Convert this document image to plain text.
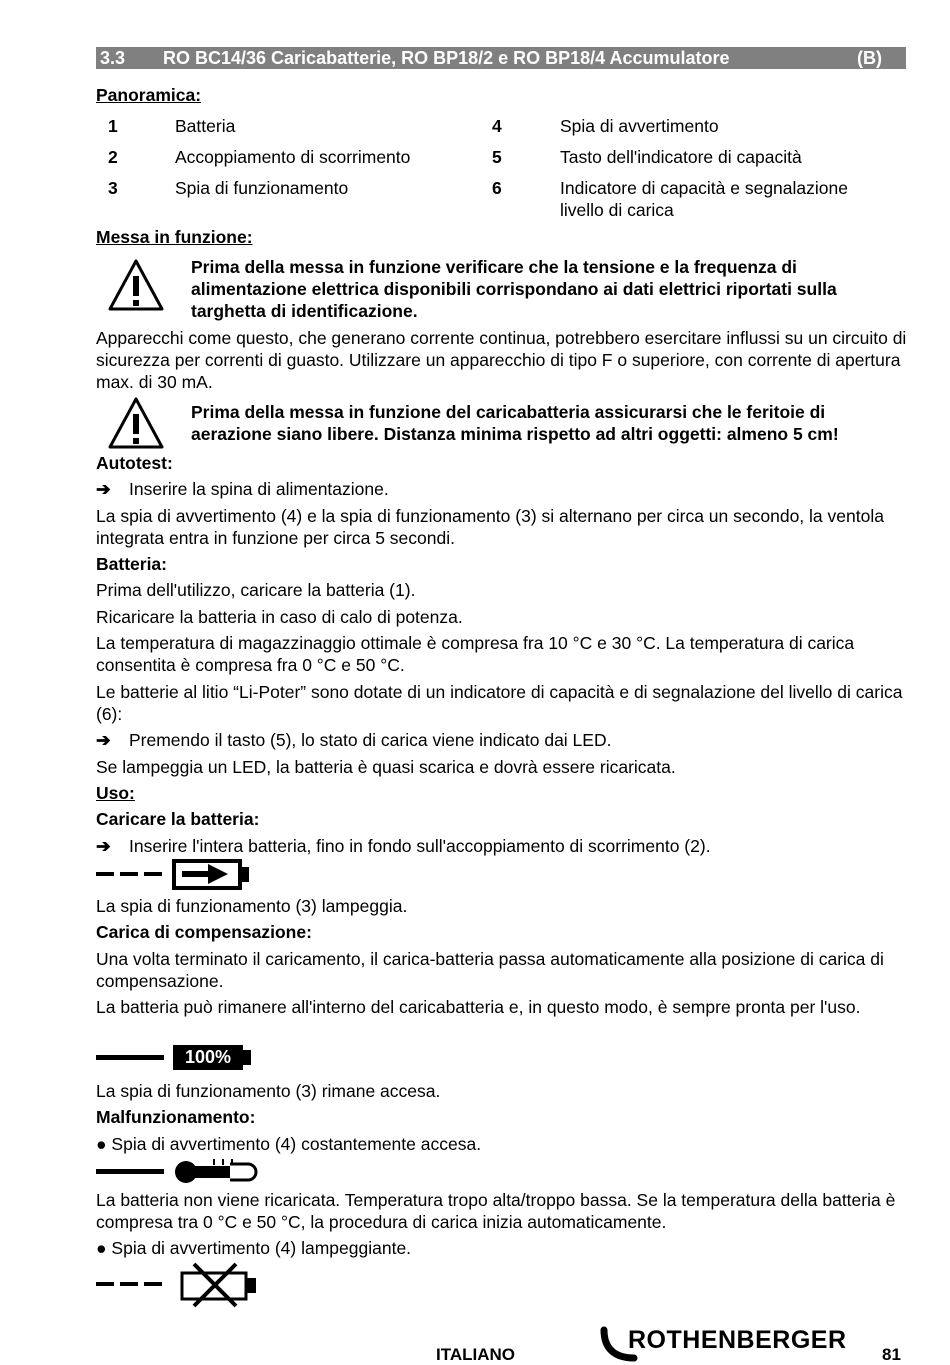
3.3 RO BC14/36 Caricabatterie, RO BP18/2 e RO BP18/4 Accumulatore	(B)
Panoramica:
1	Batteria
2	Accoppiamento di scorrimento
3	Spia di funzionamento
4	Spia di avvertimento
5	Tasto dell'indicatore di capacità
6	Indicatore di capacità e segnalazione livello di carica
Messa in funzione:
Prima della messa in funzione verificare che la tensione e la frequenza di alimentazione elettrica disponibili corrispondano ai dati elettrici riportati sulla targhetta di identificazione.
Apparecchi come questo, che generano corrente continua, potrebbero esercitare influssi su un circuito di sicurezza per correnti di guasto. Utilizzare un apparecchio di tipo F o superiore, con corrente di apertura max. di 30 mA.
Prima della messa in funzione del caricabatteria assicurarsi che le feritoie di aerazione siano libere. Distanza minima rispetto ad altri oggetti: almeno 5 cm!
Autotest:
➔ Inserire la spina di alimentazione.
La spia di avvertimento (4) e la spia di funzionamento (3) si alternano per circa un secondo, la ventola integrata entra in funzione per circa 5 secondi.
Batteria:
Prima dell'utilizzo, caricare la batteria (1).
Ricaricare la batteria in caso di calo di potenza.
La temperatura di magazzinaggio ottimale è compresa fra 10 °C e 30 °C. La temperatura di carica consentita è compresa fra 0 °C e 50 °C.
Le batterie al litio “Li-Poter” sono dotate di un indicatore di capacità e di segnalazione del livello di carica (6):
➔ Premendo il tasto (5), lo stato di carica viene indicato dai LED.
Se lampeggia un LED, la batteria è quasi scarica e dovrà essere ricaricata.
Uso:
Caricare la batteria:
➔ Inserire l'intera batteria, fino in fondo sull'accoppiamento di scorrimento (2).
La spia di funzionamento (3) lampeggia.
Carica di compensazione:
Una volta terminato il caricamento, il carica-batteria passa automaticamente alla posizione di carica di compensazione.
La batteria può rimanere all'interno del caricabatteria e, in questo modo, è sempre pronta per l'uso.
100%
La spia di funzionamento (3) rimane accesa.
Malfunzionamento:
● Spia di avvertimento (4) costantemente accesa.
La batteria non viene ricaricata. Temperatura tropo alta/troppo bassa. Se la temperatura della batteria è compresa tra 0 °C e 50 °C, la procedura di carica inizia automaticamente.
● Spia di avvertimento (4) lampeggiante.
ITALIANO
ROTHENBERGER
81
